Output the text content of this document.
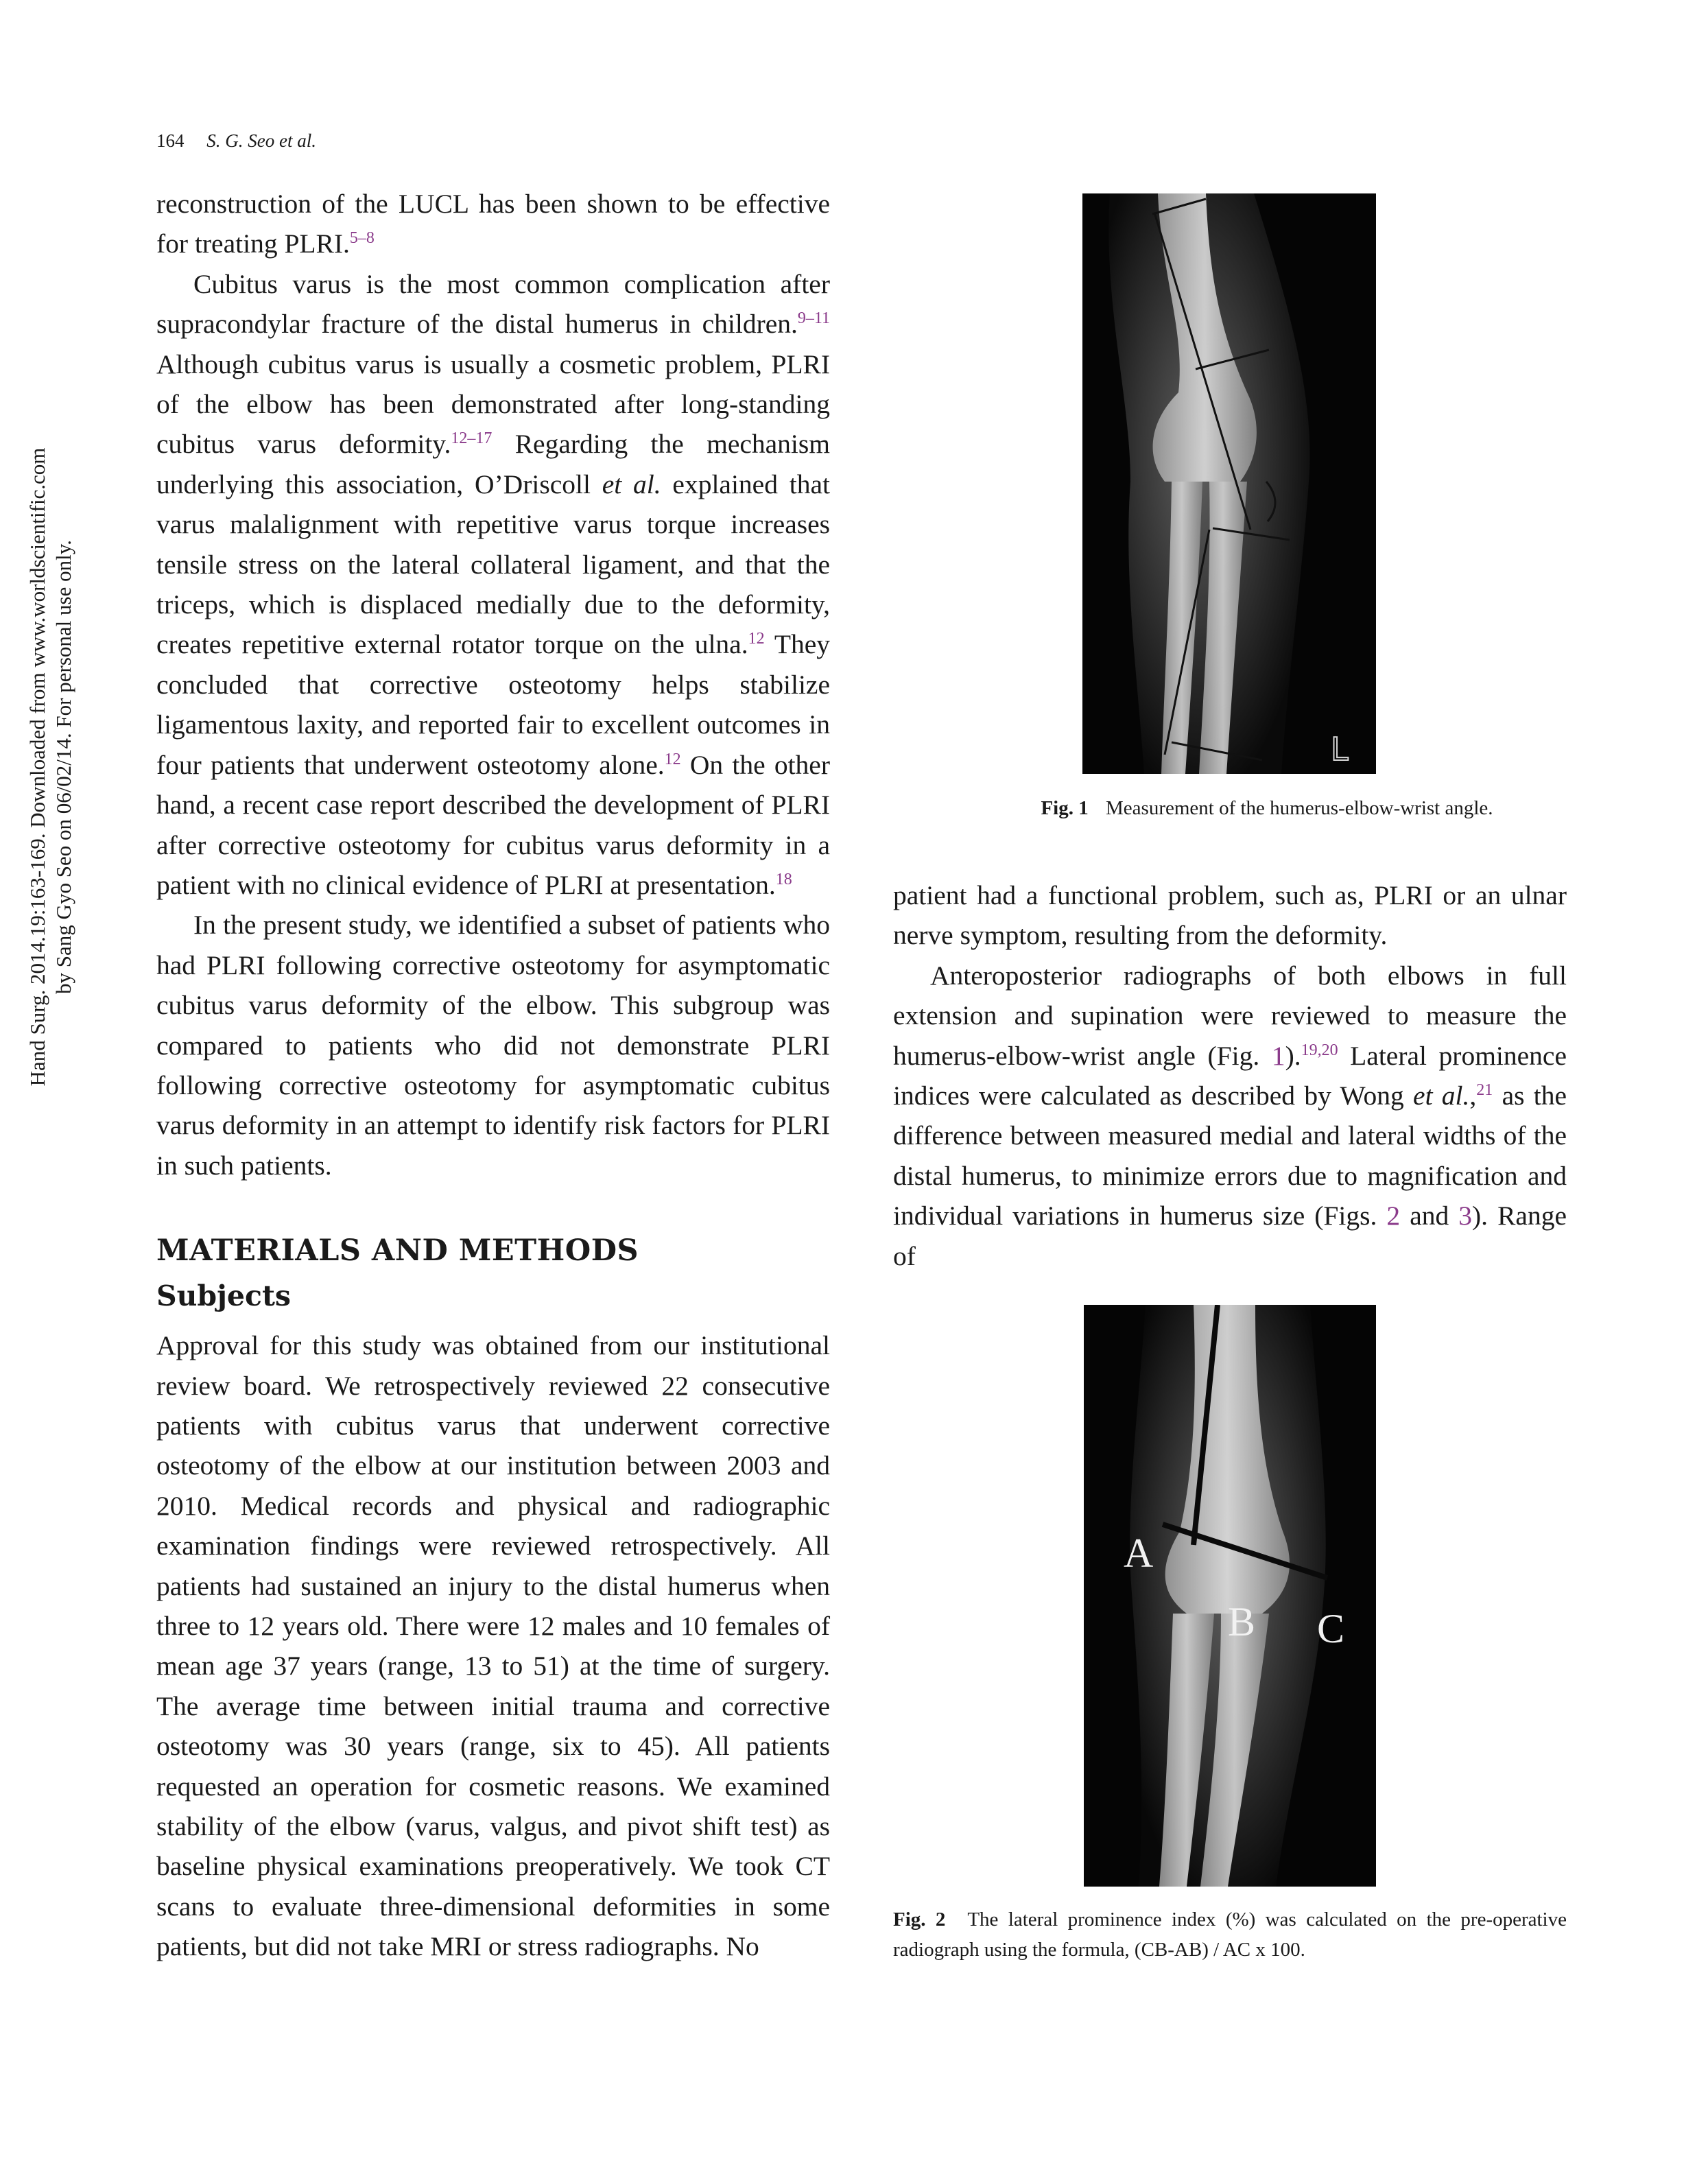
Hand Surg. 2014.19:163-169. Downloaded from www.worldscientific.com by Sang Gyo Seo on 06/02/14. For personal use only.
164 S. G. Seo et al.

reconstruction of the LUCL has been shown to be effective for treating PLRI.$^{5-8}$

Cubitus varus is the most common complication after supracondylar fracture of the distal humerus in children.$^{9-11}$ Although cubitus varus is usually a cosmetic problem, PLRI of the elbow has been demonstrated after long-standing cubitus varus deformity.$^{12-17}$ Regarding the mechanism underlying this association, O’Driscoll et al. explained that varus malalignment with repetitive varus torque increases tensile stress on the lateral collateral ligament, and that the triceps, which is displaced medially due to the deformity, creates repetitive external rotator torque on the ulna.$^{12}$ They concluded that corrective osteotomy helps stabilize ligamentous laxity, and reported fair to excellent outcomes in four patients that underwent osteotomy alone.$^{12}$ On the other hand, a recent case report described the development of PLRI after corrective osteotomy for cubitus varus deformity in a patient with no clinical evidence of PLRI at presentation.$^{18}$

In the present study, we identified a subset of patients who had PLRI following corrective osteotomy for asymptomatic cubitus varus deformity of the elbow. This subgroup was compared to patients who did not demonstrate PLRI following corrective osteotomy for asymptomatic cubitus varus deformity in an attempt to identify risk factors for PLRI in such patients.

MATERIALS AND METHODS
Subjects

Approval for this study was obtained from our institutional review board. We retrospectively reviewed 22 consecutive patients with cubitus varus that underwent corrective osteotomy of the elbow at our institution between 2003 and 2010. Medical records and physical and radiographic examination findings were reviewed retrospectively. All patients had sustained an injury to the distal humerus when three to 12 years old. There were 12 males and 10 females of mean age 37 years (range, 13 to 51) at the time of surgery. The average time between initial trauma and corrective osteotomy was 30 years (range, six to 45). All patients requested an operation for cosmetic reasons. We examined stability of the elbow (varus, valgus, and pivot shift test) as baseline physical examinations preoperatively. We took CT scans to evaluate three-dimensional deformities in some patients, but did not take MRI or stress radiographs. No

L
Fig. 1 Measurement of the humerus-elbow-wrist angle.

patient had a functional problem, such as, PLRI or an ulnar nerve symptom, resulting from the deformity.

Anteroposterior radiographs of both elbows in full extension and supination were reviewed to measure the humerus-elbow-wrist angle (Fig. 1).$^{19,20}$ Lateral prominence indices were calculated as described by Wong et al.,$^{21}$ as the difference between measured medial and lateral widths of the distal humerus, to minimize errors due to magnification and individual variations in humerus size (Figs. 2 and 3). Range of

A
B C
Fig. 2 The lateral prominence index (%) was calculated on the pre-operative radiograph using the formula, (CB-AB) / AC x 100.
